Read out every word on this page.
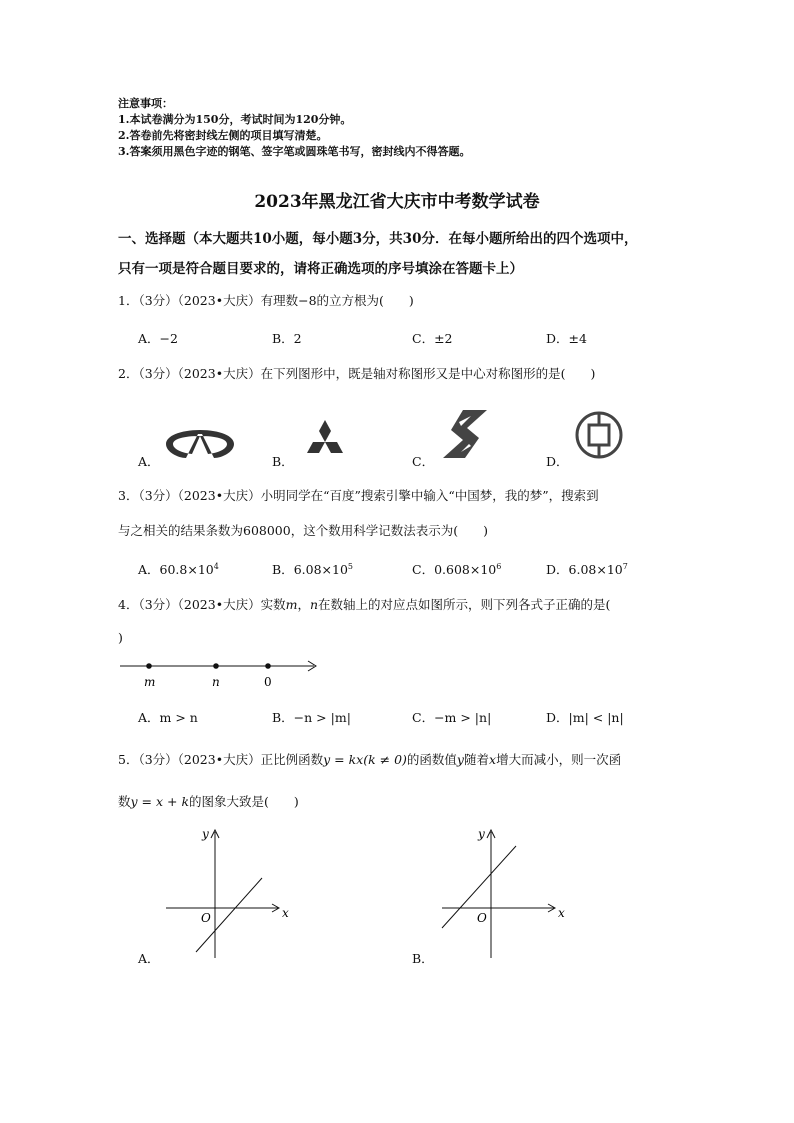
注意事项：
1.本试卷满分为150分，考试时间为120分钟。
2.答卷前先将密封线左侧的项目填写清楚。
3.答案须用黑色字迹的钢笔、签字笔或圆珠笔书写，密封线内不得答题。
2023年黑龙江省大庆市中考数学试卷
一、选择题（本大题共10小题，每小题3分，共30分．在每小题所给出的四个选项中，
只有一项是符合题目要求的，请将正确选项的序号填涂在答题卡上）
1．（3分）（2023•大庆）有理数−8的立方根为(　　)
A．−2	B．2	C．±2	D．±4
2．（3分）（2023•大庆）在下列图形中，既是轴对称图形又是中心对称图形的是(　　)
A．	B．	C．	D．
3．（3分）（2023•大庆）小明同学在“百度”搜索引擎中输入“中国梦，我的梦”，搜索到
与之相关的结果条数为608000，这个数用科学记数法表示为(　　)
A．$60.8\times 10^4$	B．$6.08\times 10^5$	C．$0.608\times 10^6$	D．$6.08\times 10^7$
4．（3分）（2023•大庆）实数m，n在数轴上的对应点如图所示，则下列各式子正确的是(
)
m	n	0
A．m > n	B．−n > |m|	C．−m > |n|	D．|m| < |n|
5．（3分）（2023•大庆）正比例函数y = kx(k ≠ 0)的函数值y随着x增大而减小，则一次函
数y = x + k的图象大致是(　　)
x
y
O
A．
x
y
O
B．
